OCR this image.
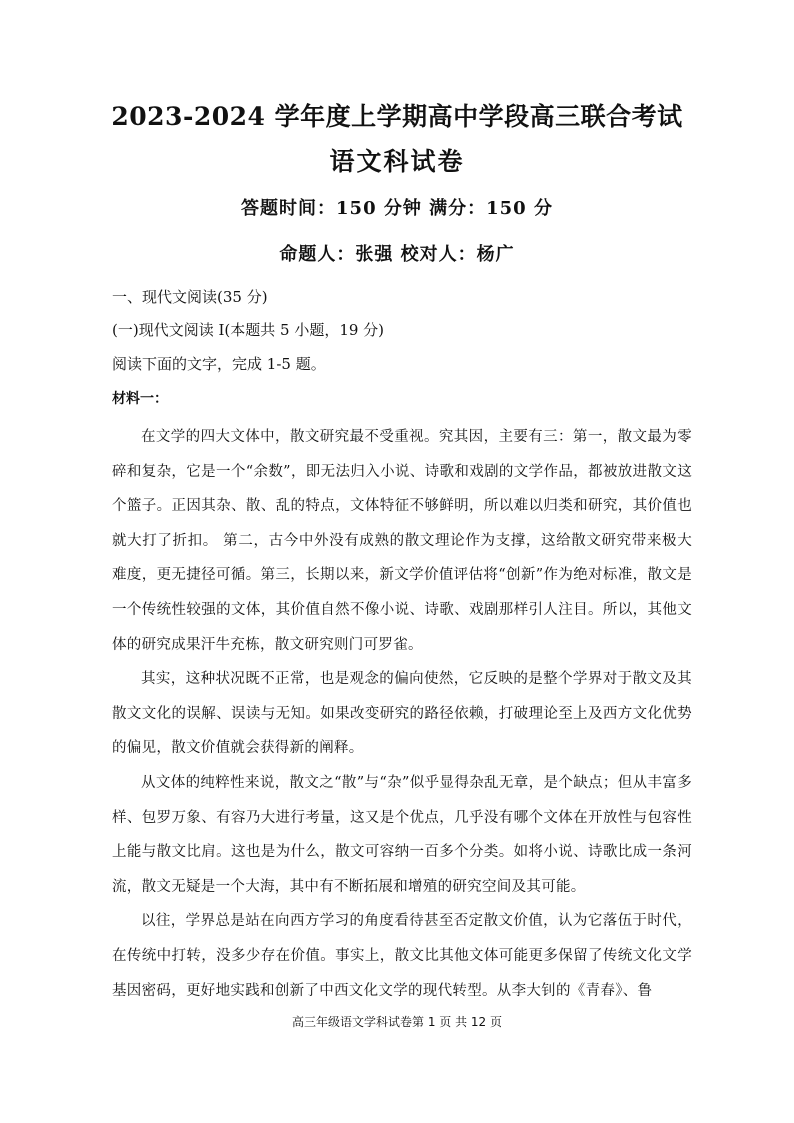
2023-2024 学年度上学期高中学段高三联合考试
语文科试卷
答题时间：150 分钟 满分：150 分
命题人：张强 校对人：杨广
一、现代文阅读(35 分)
(一)现代文阅读 I(本题共 5 小题，19 分)
阅读下面的文字，完成 1-5 题。
材料一：

在文学的四大文体中，散文研究最不受重视。究其因，主要有三：第一，散文最为零碎和复杂，它是一个“余数”，即无法归入小说、诗歌和戏剧的文学作品，都被放进散文这个篮子。正因其杂、散、乱的特点，文体特征不够鲜明，所以难以归类和研究，其价值也就大打了折扣。 第二，古今中外没有成熟的散文理论作为支撑，这给散文研究带来极大难度，更无捷径可循。第三，长期以来，新文学价值评估将“创新”作为绝对标准，散文是一个传统性较强的文体，其价值自然不像小说、诗歌、戏剧那样引人注目。所以，其他文体的研究成果汗牛充栋，散文研究则门可罗雀。

其实，这种状况既不正常，也是观念的偏向使然，它反映的是整个学界对于散文及其散文文化的误解、误读与无知。如果改变研究的路径依赖，打破理论至上及西方文化优势的偏见，散文价值就会获得新的阐释。

从文体的纯粹性来说，散文之“散”与“杂”似乎显得杂乱无章，是个缺点；但从丰富多样、包罗万象、有容乃大进行考量，这又是个优点，几乎没有哪个文体在开放性与包容性上能与散文比肩。这也是为什么，散文可容纳一百多个分类。如将小说、诗歌比成一条河流，散文无疑是一个大海，其中有不断拓展和增殖的研究空间及其可能。

以往，学界总是站在向西方学习的角度看待甚至否定散文价值，认为它落伍于时代，在传统中打转，没多少存在价值。事实上，散文比其他文体可能更多保留了传统文化文学基因密码，更好地实践和创新了中西文化文学的现代转型。从李大钊的《青春》、鲁

高三年级语文学科试卷第 1 页 共 12 页
